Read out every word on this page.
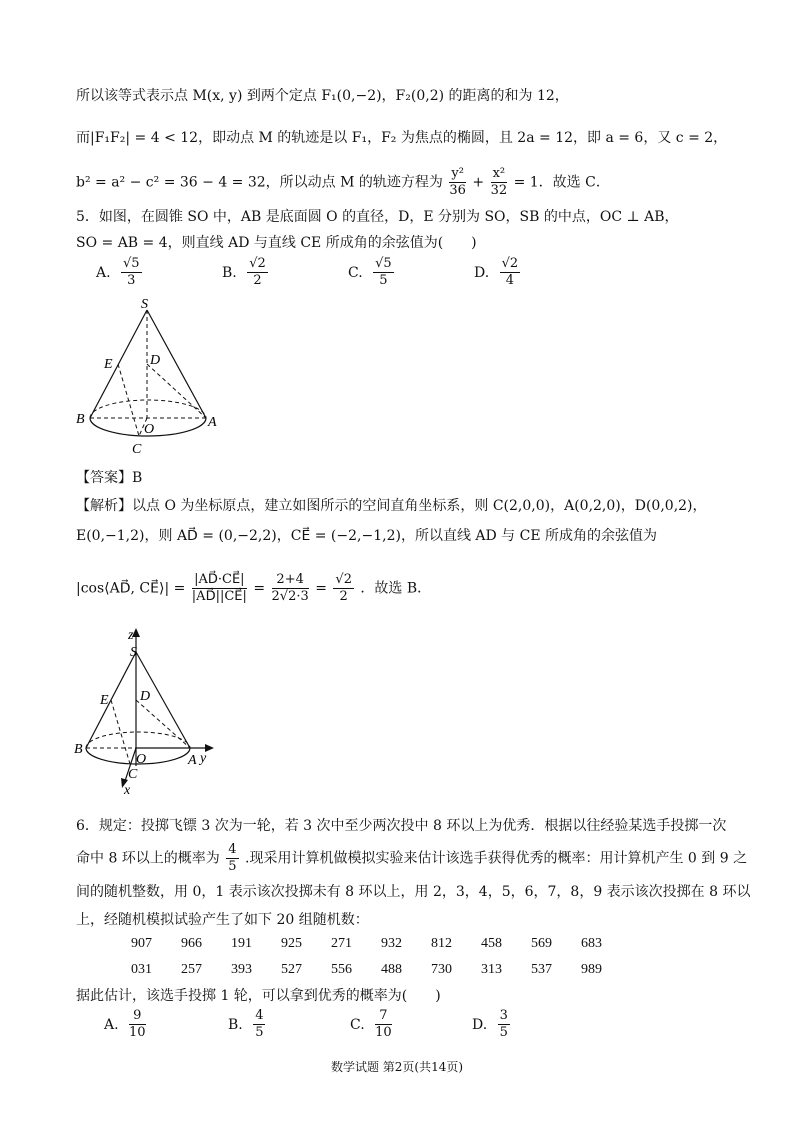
所以该等式表示点 M(x, y) 到两个定点 F₁(0,−2)，F₂(0,2) 的距离的和为 12，
而|F₁F₂| = 4 < 12，即动点 M 的轨迹是以 F₁，F₂ 为焦点的椭圆，且 2a = 12，即 a = 6，又 c = 2，
b² = a² − c² = 36 − 4 = 32，所以动点 M 的轨迹方程为 $\frac{\text{y²}}{36} + \frac{\text{x²}}{32} = 1$．故选 C．
5．如图，在圆锥 SO 中，AB 是底面圆 O 的直径，D，E 分别为 SO，SB 的中点，OC ⊥ AB，
SO = AB = 4，则直线 AD 与直线 CE 所成角的余弦值为(　　)
A. $\frac{√5}{3}$	B. $\frac{√2}{2}$	C. $\frac{√5}{5}$	D. $\frac{√2}{4}$
S
E	D
B
O	A
C
【答案】B
【解析】以点 O 为坐标原点，建立如图所示的空间直角坐标系，则 C(2,0,0)，A(0,2,0)，D(0,0,2)，
E(0,−1,2)，则 AD⃗ = (0,−2,2)，CE⃗ = (−2,−1,2)，所以直线 AD 与 CE 所成角的余弦值为
|cos⟨AD⃗, CE⃗⟩| = $\frac{|AD⃗\cdot CE⃗|}{|AD⃗||CE⃗|} = \frac{2+4}{2√2\cdot 3} = \frac{√2}{2}$ ．故选 B．
z
S
E D
B
O	A y
C
x
6．规定：投掷飞镖 3 次为一轮，若 3 次中至少两次投中 8 环以上为优秀．根据以往经验某选手投掷一次
命中 8 环以上的概率为 $\frac{4}{5}$ .现采用计算机做模拟实验来估计该选手获得优秀的概率：用计算机产生 0 到 9 之
间的随机整数，用 0，1 表示该次投掷未有 8 环以上，用 2，3，4，5，6，7，8，9 表示该次投掷在 8 环以
上，经随机模拟试验产生了如下 20 组随机数：
907 966 191 925 271 932 812 458 569 683
031 257 393 527 556 488 730 313 537 989
据此估计，该选手投掷 1 轮，可以拿到优秀的概率为(　　)
A. $\frac{9}{10}$	B. $\frac{4}{5}$	C. $\frac{7}{10}$	D. $\frac{3}{5}$
数学试题 第2页(共14页)
